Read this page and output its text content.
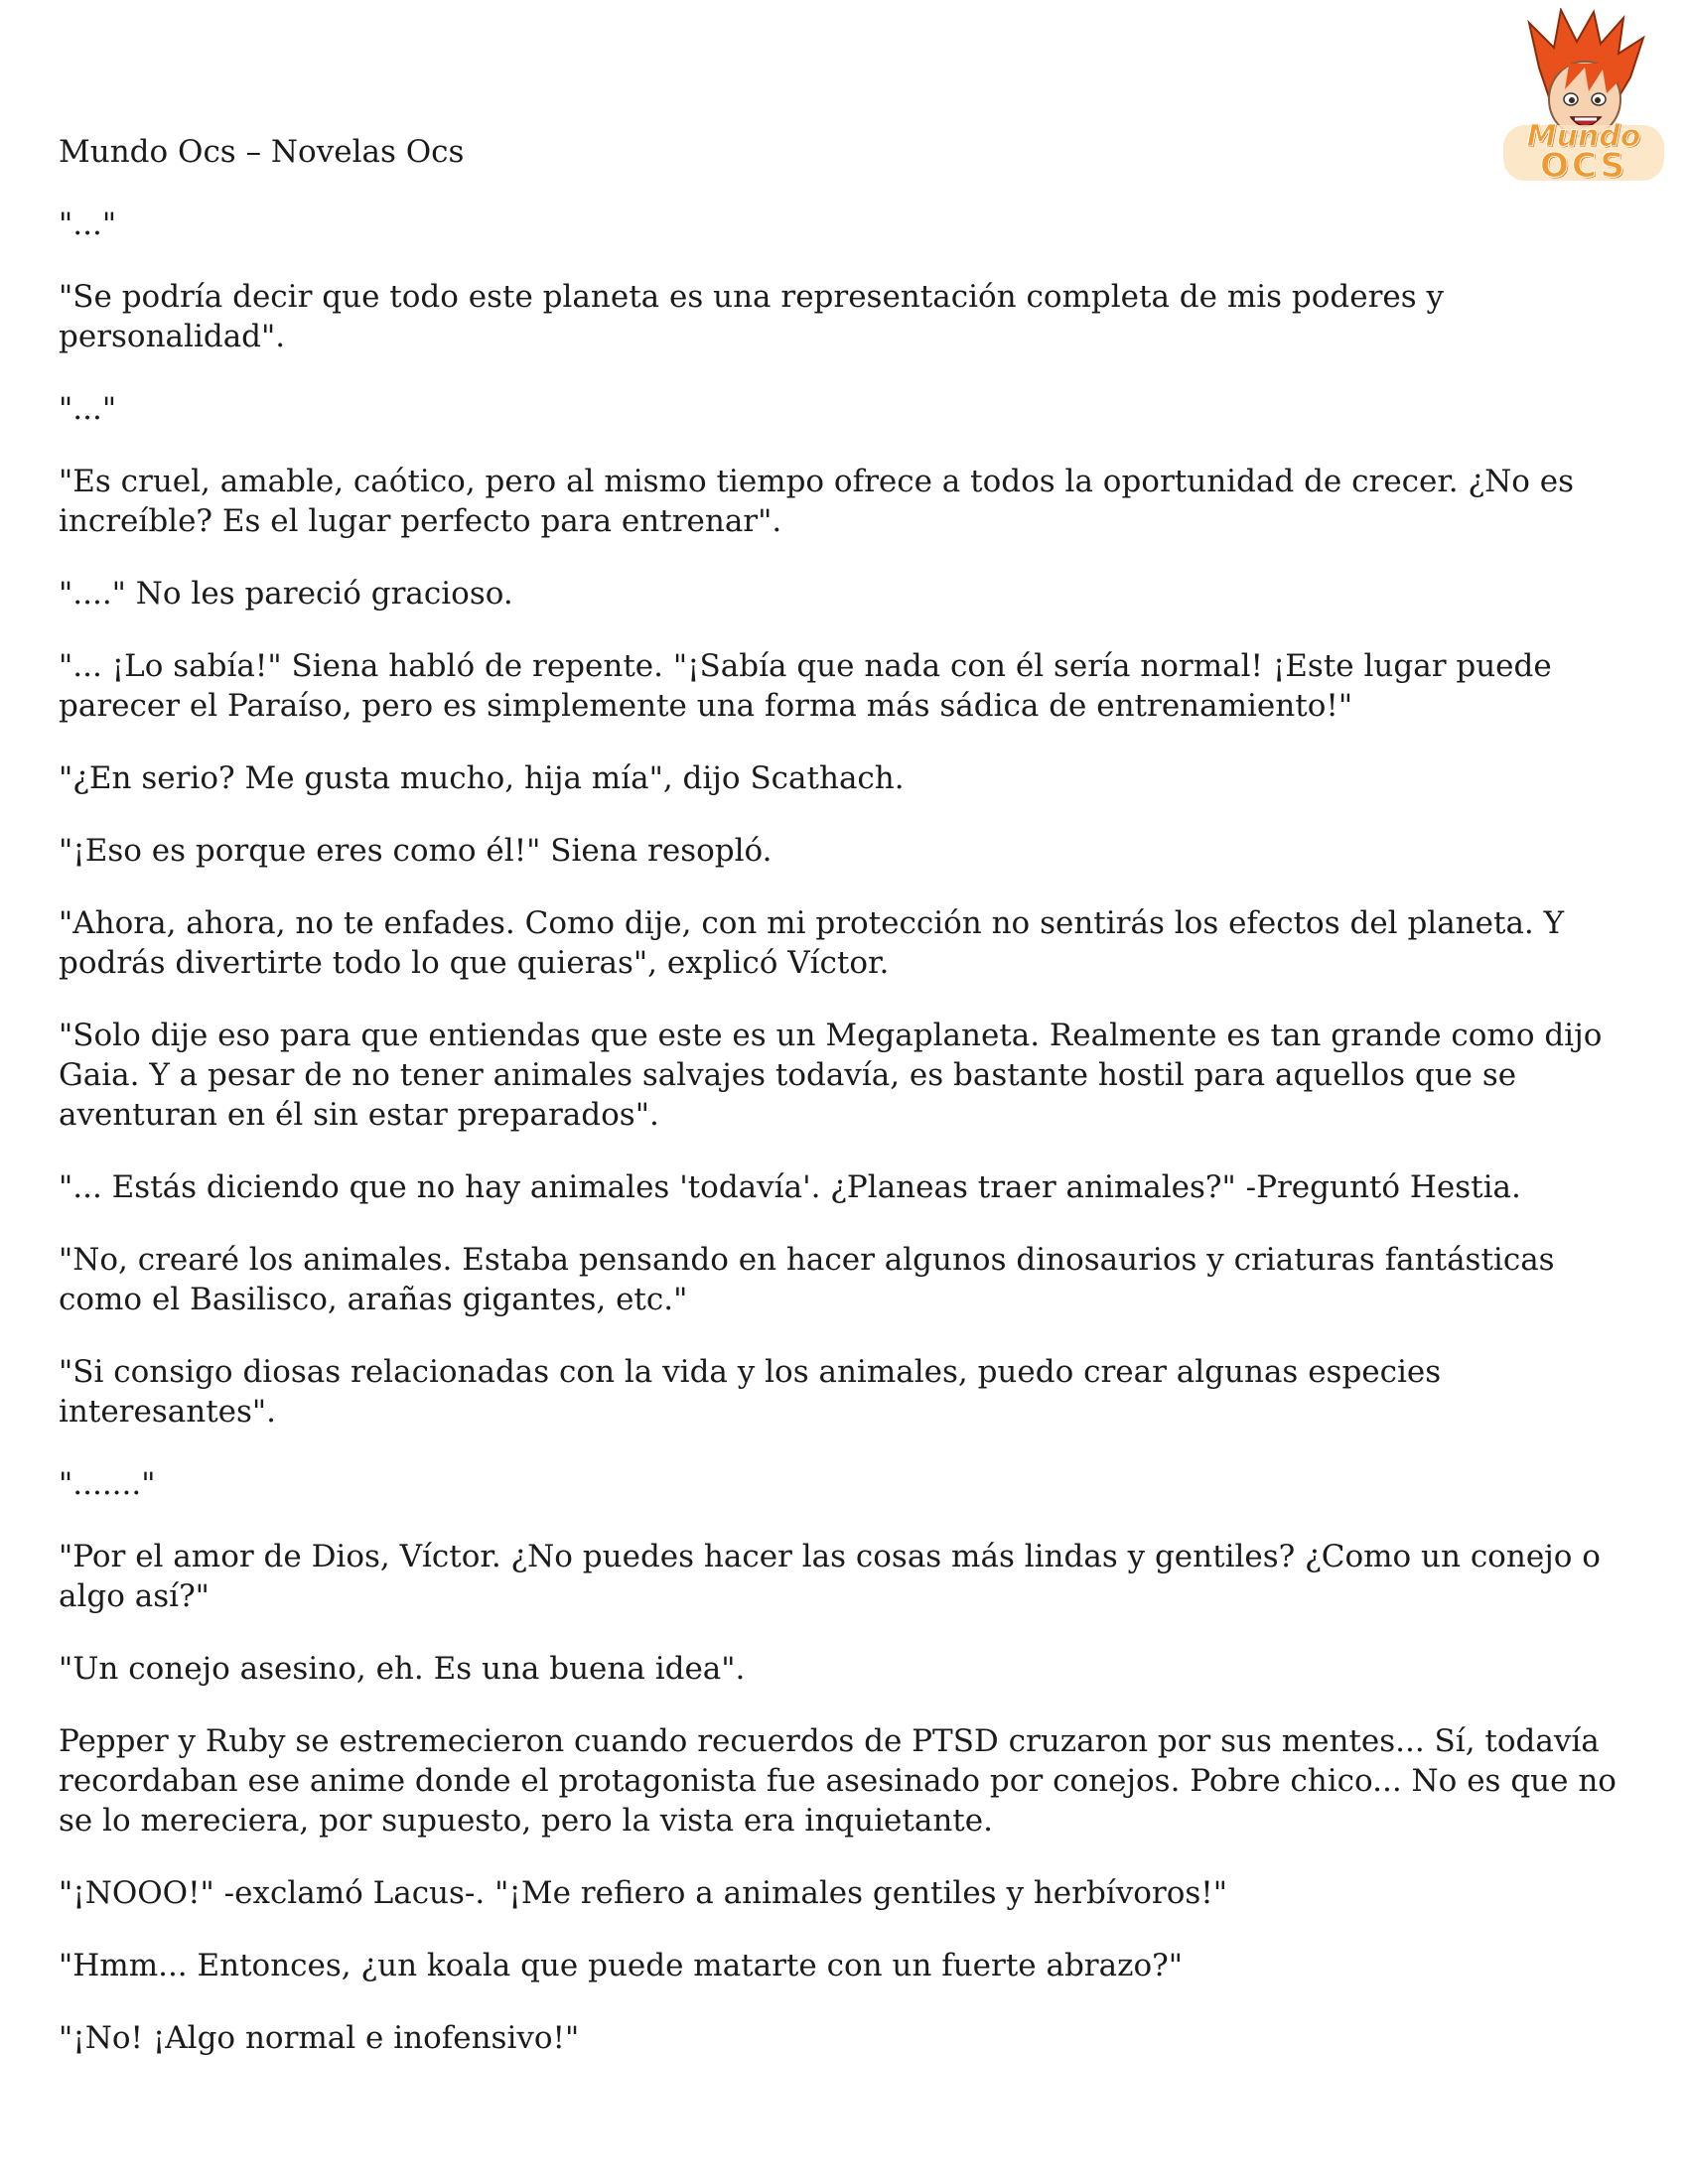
Mundo
OCS
Mundo Ocs – Novelas Ocs

"..."

"Se podría decir que todo este planeta es una representación completa de mis poderes y personalidad".

"..."

"Es cruel, amable, caótico, pero al mismo tiempo ofrece a todos la oportunidad de crecer. ¿No es increíble? Es el lugar perfecto para entrenar".

"...." No les pareció gracioso.

"... ¡Lo sabía!" Siena habló de repente. "¡Sabía que nada con él sería normal! ¡Este lugar puede parecer el Paraíso, pero es simplemente una forma más sádica de entrenamiento!"

"¿En serio? Me gusta mucho, hija mía", dijo Scathach.

"¡Eso es porque eres como él!" Siena resopló.

"Ahora, ahora, no te enfades. Como dije, con mi protección no sentirás los efectos del planeta. Y podrás divertirte todo lo que quieras", explicó Víctor.

"Solo dije eso para que entiendas que este es un Megaplaneta. Realmente es tan grande como dijo Gaia. Y a pesar de no tener animales salvajes todavía, es bastante hostil para aquellos que se aventuran en él sin estar preparados".

"... Estás diciendo que no hay animales 'todavía'. ¿Planeas traer animales?" -Preguntó Hestia.

"No, crearé los animales. Estaba pensando en hacer algunos dinosaurios y criaturas fantásticas como el Basilisco, arañas gigantes, etc."

"Si consigo diosas relacionadas con la vida y los animales, puedo crear algunas especies interesantes".

"......."

"Por el amor de Dios, Víctor. ¿No puedes hacer las cosas más lindas y gentiles? ¿Como un conejo o algo así?"

"Un conejo asesino, eh. Es una buena idea".

Pepper y Ruby se estremecieron cuando recuerdos de PTSD cruzaron por sus mentes... Sí, todavía recordaban ese anime donde el protagonista fue asesinado por conejos. Pobre chico... No es que no se lo mereciera, por supuesto, pero la vista era inquietante.

"¡NOOO!" -exclamó Lacus-. "¡Me refiero a animales gentiles y herbívoros!"

"Hmm... Entonces, ¿un koala que puede matarte con un fuerte abrazo?"

"¡No! ¡Algo normal e inofensivo!"
